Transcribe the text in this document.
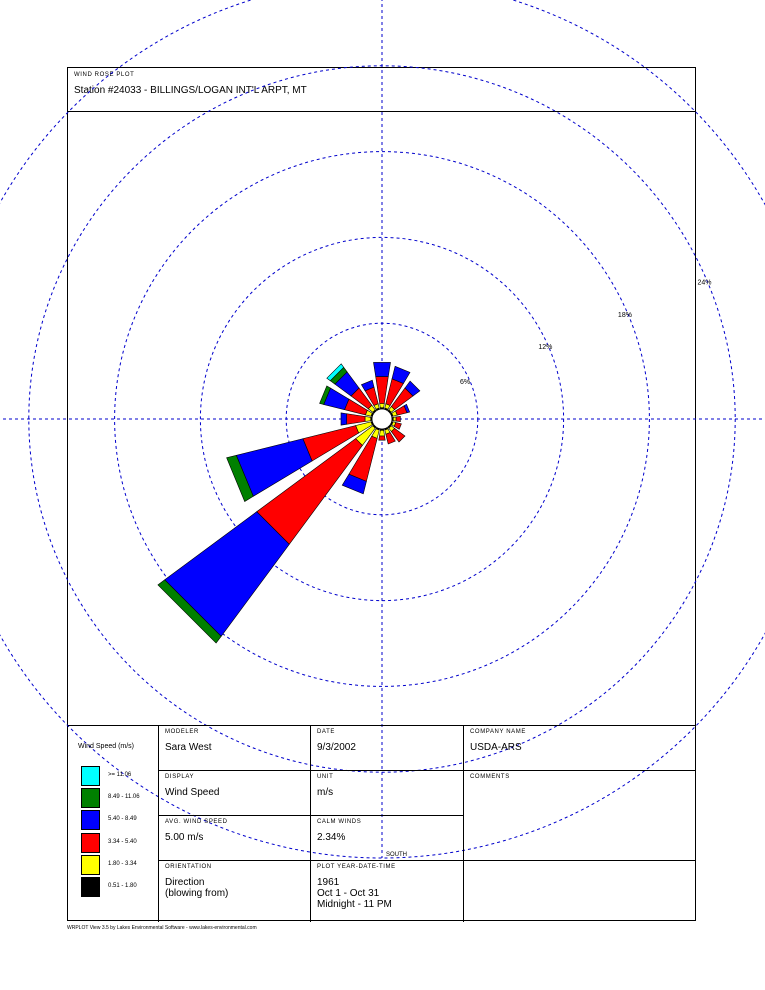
WIND ROSE PLOT
Station #24033 - BILLINGS/LOGAN INT'L ARPT, MT
6%
12%
18%
24%
SOUTH
Wind Speed (m/s)
>= 11.06
8.49 - 11.06
5.40 - 8.49
3.34 - 5.40
1.80 - 3.34
0.51 - 1.80
MODELER
Sara West
DATE
9/3/2002
COMPANY NAME
USDA-ARS
DISPLAY
Wind Speed
UNIT
m/s
COMMENTS
AVG. WIND SPEED
5.00 m/s
CALM WINDS
2.34%
ORIENTATION
Direction
(blowing from)
PLOT YEAR-DATE-TIME
1961
Oct 1 - Oct 31
Midnight - 11 PM
WRPLOT View 3.5 by Lakes Environmental Software - www.lakes-environmental.com
